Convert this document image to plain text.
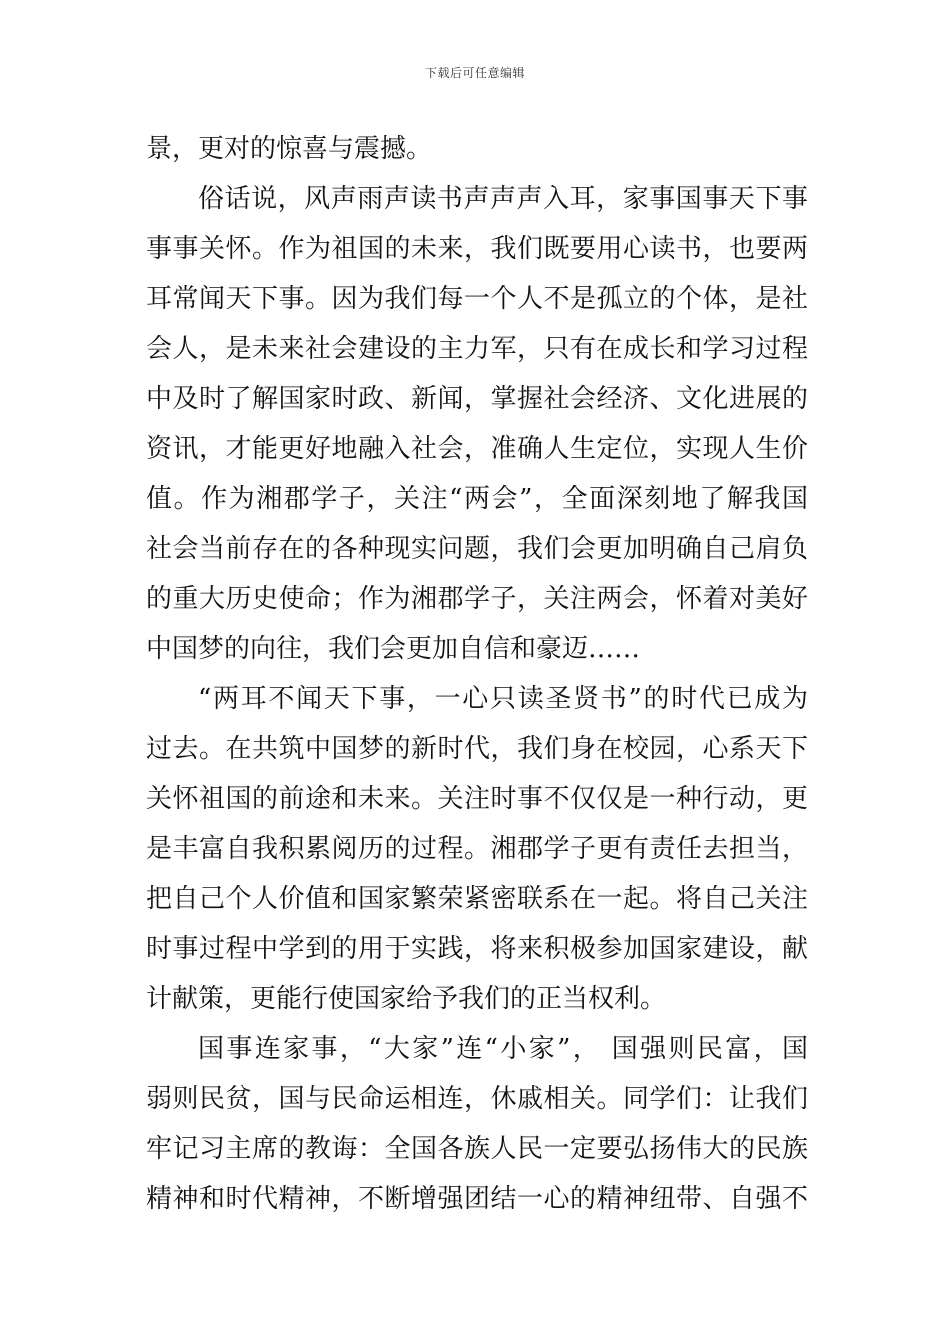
下载后可任意编辑
景，更对的惊喜与震撼。
俗话说，风声雨声读书声声声入耳，家事国事天下事
事事关怀。作为祖国的未来，我们既要用心读书，也要两
耳常闻天下事。因为我们每一个人不是孤立的个体，是社
会人，是未来社会建设的主力军，只有在成长和学习过程
中及时了解国家时政、新闻，掌握社会经济、文化进展的
资讯，才能更好地融入社会，准确人生定位，实现人生价
值。作为湘郡学子，关注“两会”，全面深刻地了解我国
社会当前存在的各种现实问题，我们会更加明确自己肩负
的重大历史使命；作为湘郡学子，关注两会，怀着对美好
中国梦的向往，我们会更加自信和豪迈……
“两耳不闻天下事，一心只读圣贤书”的时代已成为
过去。在共筑中国梦的新时代，我们身在校园，心系天下
关怀祖国的前途和未来。关注时事不仅仅是一种行动，更
是丰富自我积累阅历的过程。湘郡学子更有责任去担当，
把自己个人价值和国家繁荣紧密联系在一起。将自己关注
时事过程中学到的用于实践，将来积极参加国家建设，献
计献策，更能行使国家给予我们的正当权利。
国事连家事，“大家”连“小家”， 国强则民富，国
弱则民贫，国与民命运相连，休戚相关。同学们：让我们
牢记习主席的教诲：全国各族人民一定要弘扬伟大的民族
精神和时代精神，不断增强团结一心的精神纽带、自强不
